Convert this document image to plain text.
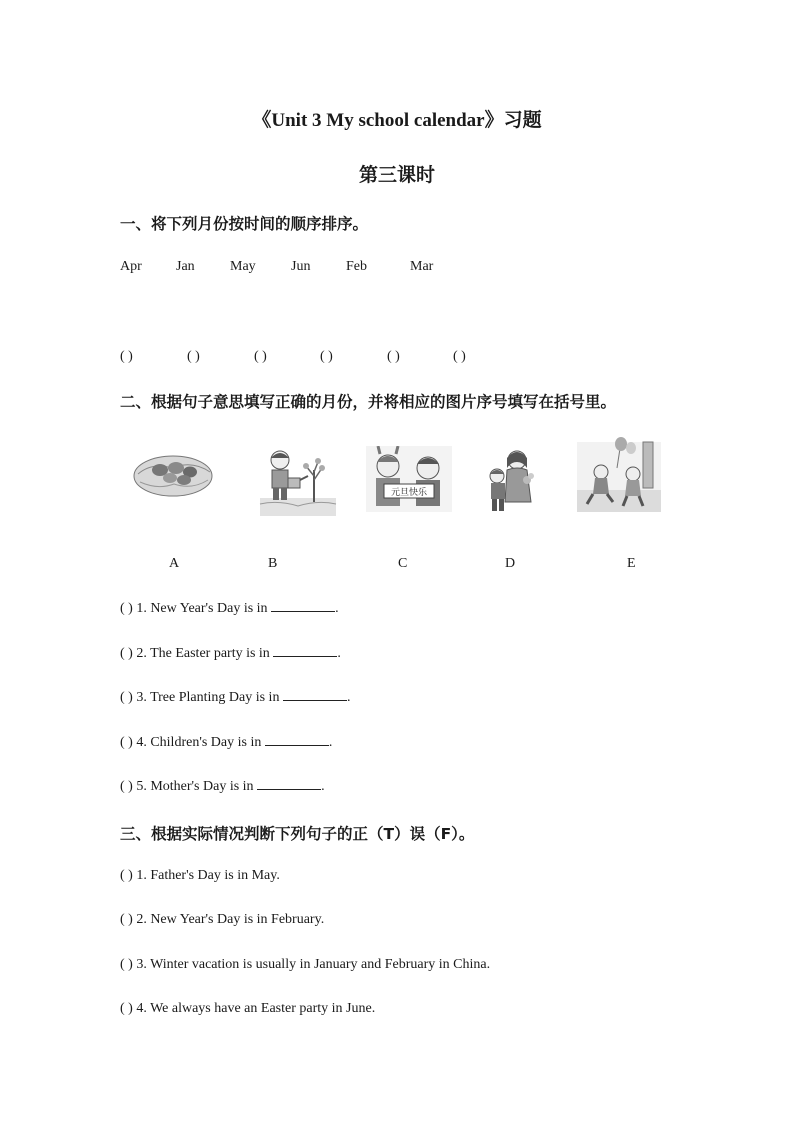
《Unit 3 My school calendar》习题
第三课时
一、将下列月份按时间的顺序排序。
Apr Jan	May	Jun	Feb	Mar
( )	( )	( )	( )	( )	( )
二、根据句子意思填写正确的月份，并将相应的图片序号填写在括号里。
元旦快乐
A	B	C	D	E
( ) 1. New Year's Day is in	.
( ) 2. The Easter party is in	.
( ) 3. Tree Planting Day is in	.
( ) 4. Children's Day is in	.
( ) 5. Mother's Day is in	.
三、根据实际情况判断下列句子的正（T）误（F）。
( ) 1. Father's Day is in May.
( ) 2. New Year's Day is in February.
( ) 3. Winter vacation is usually in January and February in China.
( ) 4. We always have an Easter party in June.
